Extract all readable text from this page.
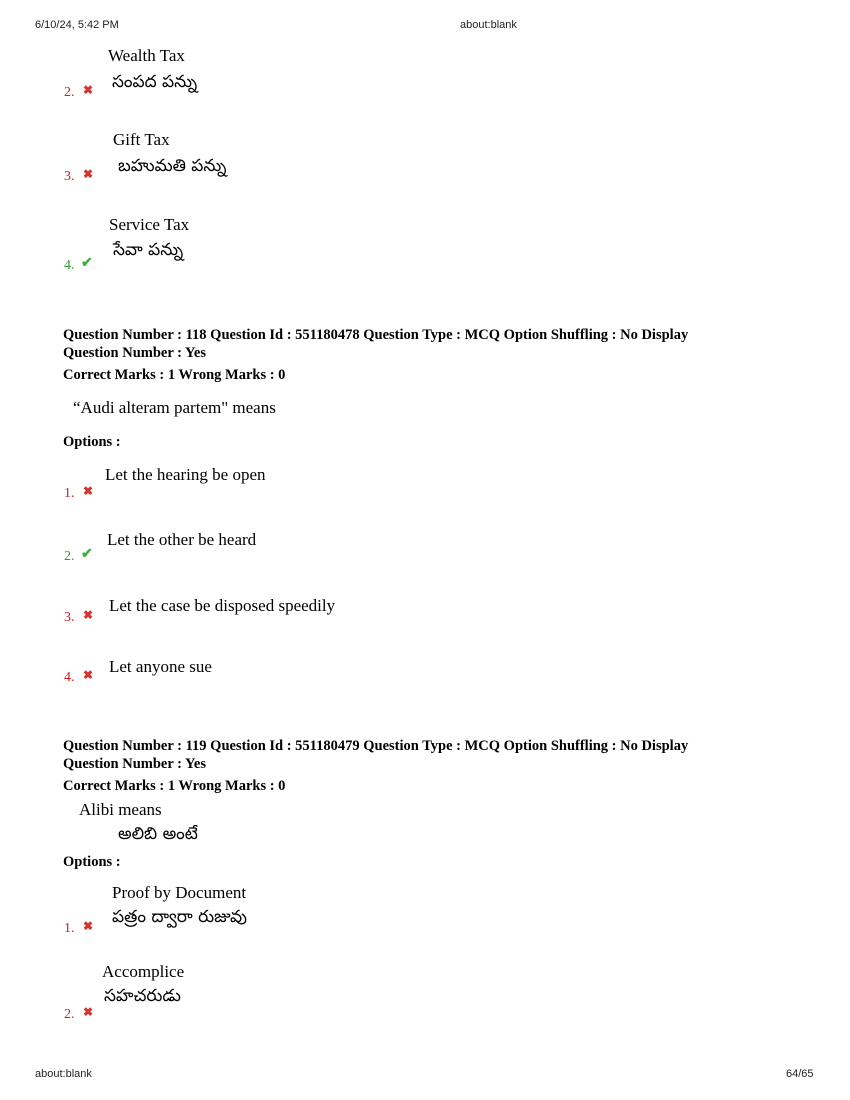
6/10/24, 5:42 PM	about:blank
Wealth Tax
సంపద పన్ను
2. ✖
Gift Tax
బహుమతి పన్ను
3. ✖
Service Tax
సేవా పన్ను
4. ✔
Question Number : 118 Question Id : 551180478 Question Type : MCQ Option Shuffling : No Display
Question Number : Yes
Correct Marks : 1 Wrong Marks : 0
“Audi alteram partem" means
Options :
Let the hearing be open
1. ✖
Let the other be heard
2. ✔
Let the case be disposed speedily
3. ✖
Let anyone sue
4. ✖
Question Number : 119 Question Id : 551180479 Question Type : MCQ Option Shuffling : No Display
Question Number : Yes
Correct Marks : 1 Wrong Marks : 0
Alibi means
అలిబి అంటే
Options :
Proof by Document
పత్రం ద్వారా రుజువు
1. ✖
Accomplice
సహచరుడు
2. ✖
about:blank	64/65
